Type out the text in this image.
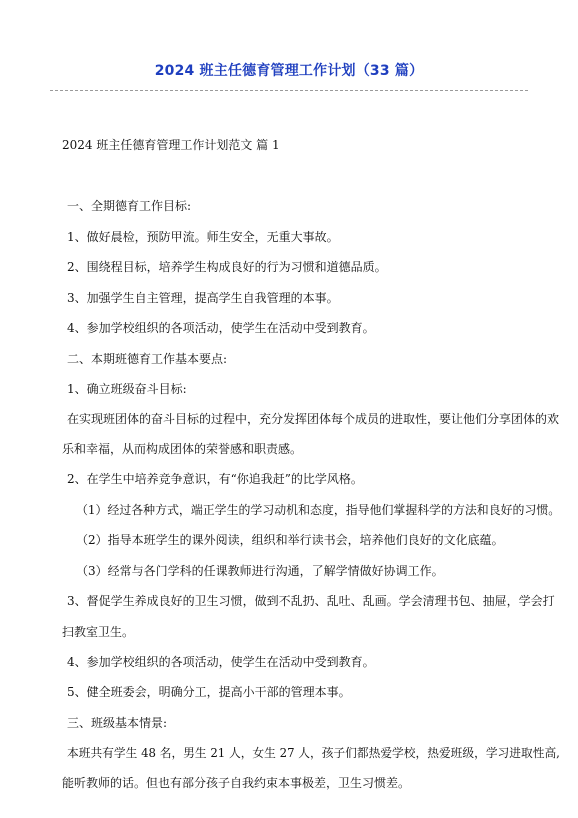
2024 班主任德育管理工作计划（33 篇）
2024 班主任德育管理工作计划范文 篇 1
一、全期德育工作目标:
1、做好晨检，预防甲流。师生安全，无重大事故。
2、围绕程目标，培养学生构成良好的行为习惯和道德品质。
3、加强学生自主管理，提高学生自我管理的本事。
4、参加学校组织的各项活动，使学生在活动中受到教育。
二、本期班德育工作基本要点:
1、确立班级奋斗目标:
在实现班团体的奋斗目标的过程中，充分发挥团体每个成员的进取性，要让他们分享团体的欢
乐和幸福，从而构成团体的荣誉感和职责感。
2、在学生中培养竞争意识，有“你追我赶”的比学风格。
（1）经过各种方式，端正学生的学习动机和态度，指导他们掌握科学的方法和良好的习惯。
（2）指导本班学生的课外阅读，组织和举行读书会，培养他们良好的文化底蕴。
（3）经常与各门学科的任课教师进行沟通，了解学情做好协调工作。
3、督促学生养成良好的卫生习惯，做到不乱扔、乱吐、乱画。学会清理书包、抽屉，学会打
扫教室卫生。
4、参加学校组织的各项活动，使学生在活动中受到教育。
5、健全班委会，明确分工，提高小干部的管理本事。
三、班级基本情景:
本班共有学生 48 名，男生 21 人，女生 27 人，孩子们都热爱学校，热爱班级，学习进取性高,
能听教师的话。但也有部分孩子自我约束本事极差，卫生习惯差。
